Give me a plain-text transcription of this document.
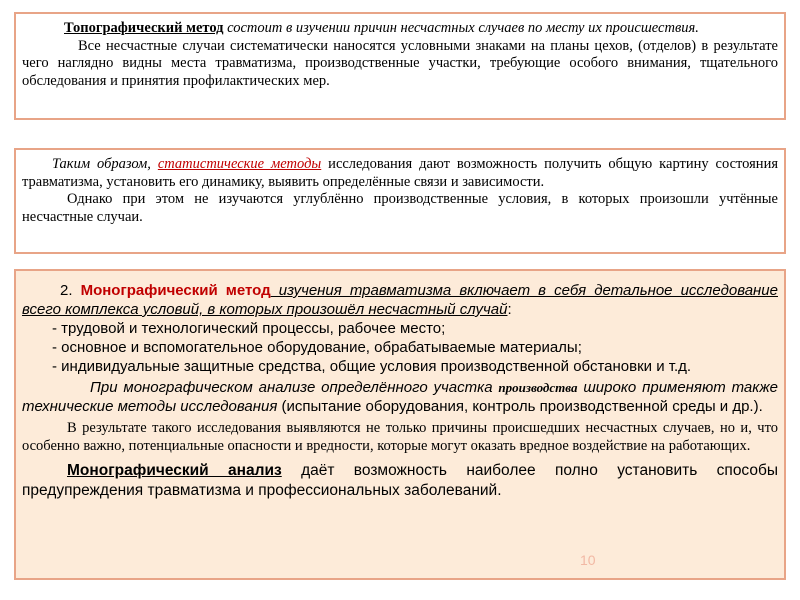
Топографический метод состоит в изучении причин несчастных случаев по месту их происшествия.

Все несчастные случаи систематически наносятся условными знаками на планы цехов, (отделов) в результате чего наглядно видны места травматизма, производственные участки, требующие особого внимания, тщательного обследования и принятия профилактических мер.

Таким образом, статистические методы исследования дают возможность получить общую картину состояния травматизма, установить его динамику, выявить определённые связи и зависимости.

Однако при этом не изучаются углублённо производственные условия, в которых произошли учтённые несчастные случаи.

2. Монографический метод изучения травматизма включает в себя детальное исследование всего комплекса условий, в которых произошёл несчастный случай:

- трудовой и технологический процессы, рабочее место;

- основное и вспомогательное оборудование, обрабатываемые материалы;

- индивидуальные защитные средства, общие условия производственной обстановки и т.д.

При монографическом анализе определённого участка производства широко применяют также технические методы исследования (испытание оборудования, контроль производственной среды и др.).

В результате такого исследования выявляются не только причины происшедших несчастных случаев, но и, что особенно важно, потенциальные опасности и вредности, которые могут оказать вредное воздействие на работающих.

Монографический анализ даёт возможность наиболее полно установить способы предупреждения травматизма и профессиональных заболеваний.

10
